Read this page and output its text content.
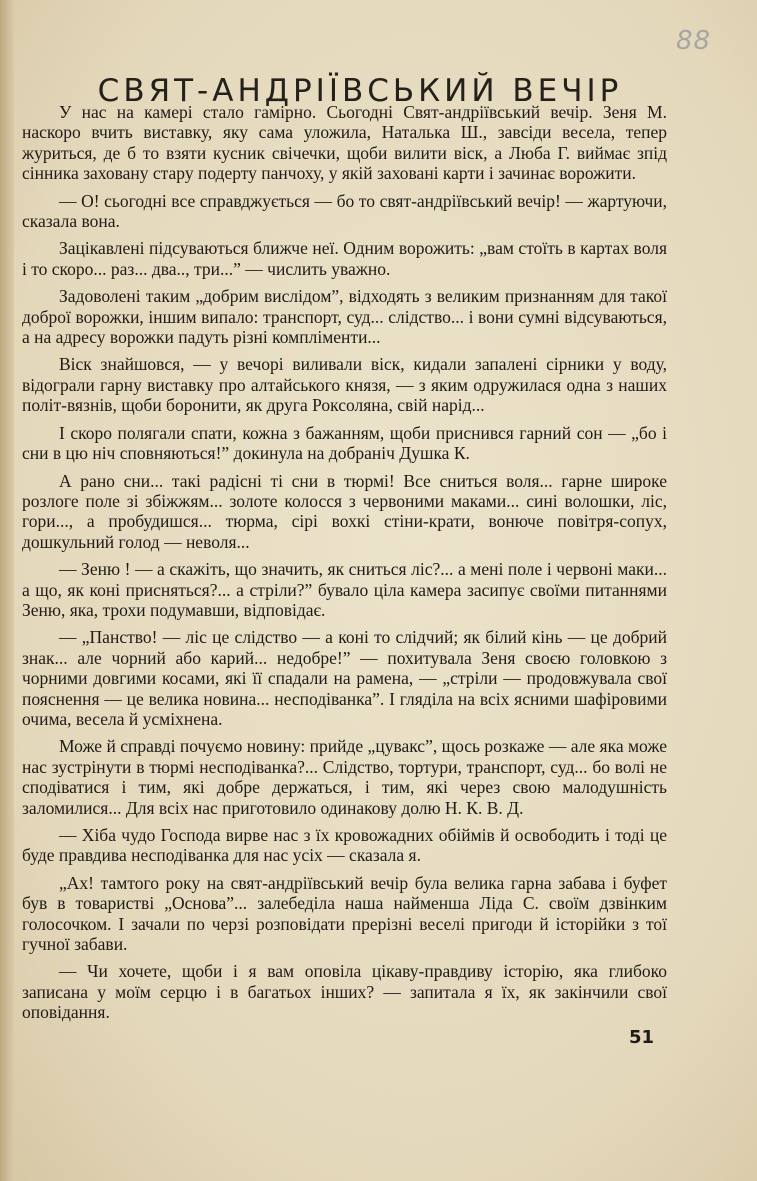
88
СВЯТ-АНДРІЇВСЬКИЙ ВЕЧІР

У нас на камері стало гамірно. Сьогодні Свят-андріївський вечір. Зеня М. наскоро вчить виставку, яку сама уложила, Наталька Ш., завсіди весела, тепер журиться, де б то взяти кусник свічечки, щоби вилити віск, а Люба Г. виймає зпід сінника заховану стару подерту панчоху, у якій заховані карти і зачинає ворожити.

— О! сьогодні все справджується — бо то свят-андріївський вечір! — жартуючи, сказала вона.

Зацікавлені підсуваються ближче неї. Одним ворожить: „вам стоїть в картах воля і то скоро... раз... два.., три...” — числить уважно.

Задоволені таким „добрим вислідом”, відходять з великим признанням для такої доброї ворожки, іншим випало: транспорт, суд... слідство... і вони сумні відсуваються, а на адресу ворожки падуть різні компліменти...

Віск знайшовся, — у вечорі виливали віск, кидали запалені сірники у воду, відограли гарну виставку про алтайського князя, — з яким одружилася одна з наших політ-вязнів, щоби боронити, як друга Роксоляна, свій нарід...

І скоро полягали спати, кожна з бажанням, щоби приснився гарний сон — „бо і сни в цю ніч сповняються!” докинула на добраніч Душка К.

А рано сни... такі радісні ті сни в тюрмі! Все сниться воля... гарне широке розлоге поле зі збіжжям... золоте колосся з червоними маками... сині волошки, ліс, гори..., а пробудишся... тюрма, сірі вохкі стіни-крати, вонюче повітря-сопух, дошкульний голод — неволя...

— Зеню ! — а скажіть, що значить, як сниться ліс?... а мені поле і червоні маки... а що, як коні присняться?... а стріли?” бувало ціла камера засипує своїми питаннями Зеню, яка, трохи подумавши, відповідає.

— „Панство! — ліс це слідство — а коні то слідчий; як білий кінь — це добрий знак... але чорний або карий... недобре!” — похитувала Зеня своєю головкою з чорними довгими косами, які її спадали на рамена, — „стріли — продовжувала свої пояснення — це велика новина... несподіванка”. І гляділа на всіх ясними шафіровими очима, весела й усміхнена.

Може й справді почуємо новину: прийде „цувакс”, щось розкаже — але яка може нас зустрінути в тюрмі несподіванка?... Слідство, тортури, транспорт, суд... бо волі не сподіватися і тим, які добре держаться, і тим, які через свою малодушність заломилися... Для всіх нас приготовило одинакову долю Н. К. В. Д.

— Хіба чудо Господа вирве нас з їх кровожадних обіймів й освободить і тоді це буде правдива несподіванка для нас усіх — сказала я.

„Ах! тамтого року на свят-андріївський вечір була велика гарна забава і буфет був в товаристві „Основа”... залебеділа наша найменша Ліда С. своїм дзвінким голосочком. І зачали по черзі розповідати прерізні веселі пригоди й історійки з тої гучної забави.

— Чи хочете, щоби і я вам оповіла цікаву-правдиву історію, яка глибоко записана у моїм серцю і в багатьох інших? — запитала я їх, як закінчили свої оповідання.

51
